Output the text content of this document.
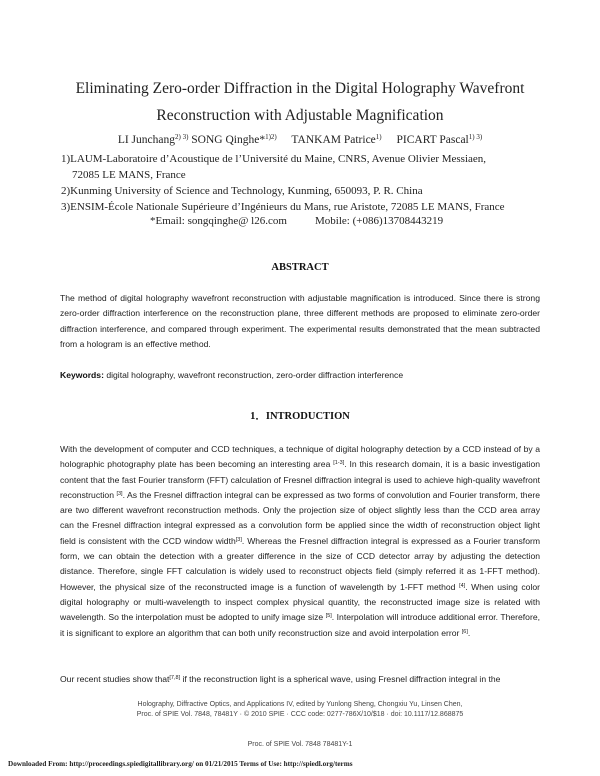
Eliminating Zero-order Diffraction in the Digital Holography Wavefront
Reconstruction with Adjustable Magnification
LI Junchang$^{2) 3)}$ SONG Qinghe*$^{1)2)}$ TANKAM Patrice$^{1)}$ PICART Pascal$^{1) 3)}$
1)LAUM-Laboratoire d’Acoustique de l’Université du Maine, CNRS, Avenue Olivier Messiaen,
72085 LE MANS, France
2)Kunming University of Science and Technology, Kunming, 650093, P. R. China
3)ENSIM-École Nationale Supérieure d’Ingénieurs du Mans, rue Aristote, 72085 LE MANS, France
*Email: songqinghe@ l26.com	Mobile: (+086)13708443219
ABSTRACT
The method of digital holography wavefront reconstruction with adjustable magnification is introduced. Since there is strong zero-order diffraction interference on the reconstruction plane, three different methods are proposed to eliminate zero-order diffraction interference, and compared through experiment. The experimental results demonstrated that the mean subtracted from a hologram is an effective method.
Keywords: digital holography, wavefront reconstruction, zero-order diffraction interference
1．INTRODUCTION
With the development of computer and CCD techniques, a technique of digital holography detection by a CCD instead of by a holographic photography plate has been becoming an interesting area [1-3]. In this research domain, it is a basic investigation content that the fast Fourier transform (FFT) calculation of Fresnel diffraction integral is used to achieve high-quality wavefront reconstruction [3]. As the Fresnel diffraction integral can be expressed as two forms of convolution and Fourier transform, there are two different wavefront reconstruction methods. Only the projection size of object slightly less than the CCD area array can the Fresnel diffraction integral expressed as a convolution form be applied since the width of reconstruction object light field is consistent with the CCD window width[3]. Whereas the Fresnel diffraction integral is expressed as a Fourier transform form, we can obtain the detection with a greater difference in the size of CCD detector array by adjusting the detection distance. Therefore, single FFT calculation is widely used to reconstruct objects field (simply referred it as 1-FFT method). However, the physical size of the reconstructed image is a function of wavelength by 1-FFT method [4]. When using color digital holography or multi-wavelength to inspect complex physical quantity, the reconstructed image size is related with wavelength. So the interpolation must be adopted to unify image size [5]. Interpolation will introduce additional error. Therefore, it is significant to explore an algorithm that can both unify reconstruction size and avoid interpolation error [6].
Our recent studies show that[7,8] if the reconstruction light is a spherical wave, using Fresnel diffraction integral in the
Holography, Diffractive Optics, and Applications IV, edited by Yunlong Sheng, Chongxiu Yu, Linsen Chen,
Proc. of SPIE Vol. 7848, 78481Y · © 2010 SPIE · CCC code: 0277-786X/10/$18 · doi: 10.1117/12.868875
Proc. of SPIE Vol. 7848 78481Y-1
Downloaded From: http://proceedings.spiedigitallibrary.org/ on 01/21/2015 Terms of Use: http://spiedl.org/terms
